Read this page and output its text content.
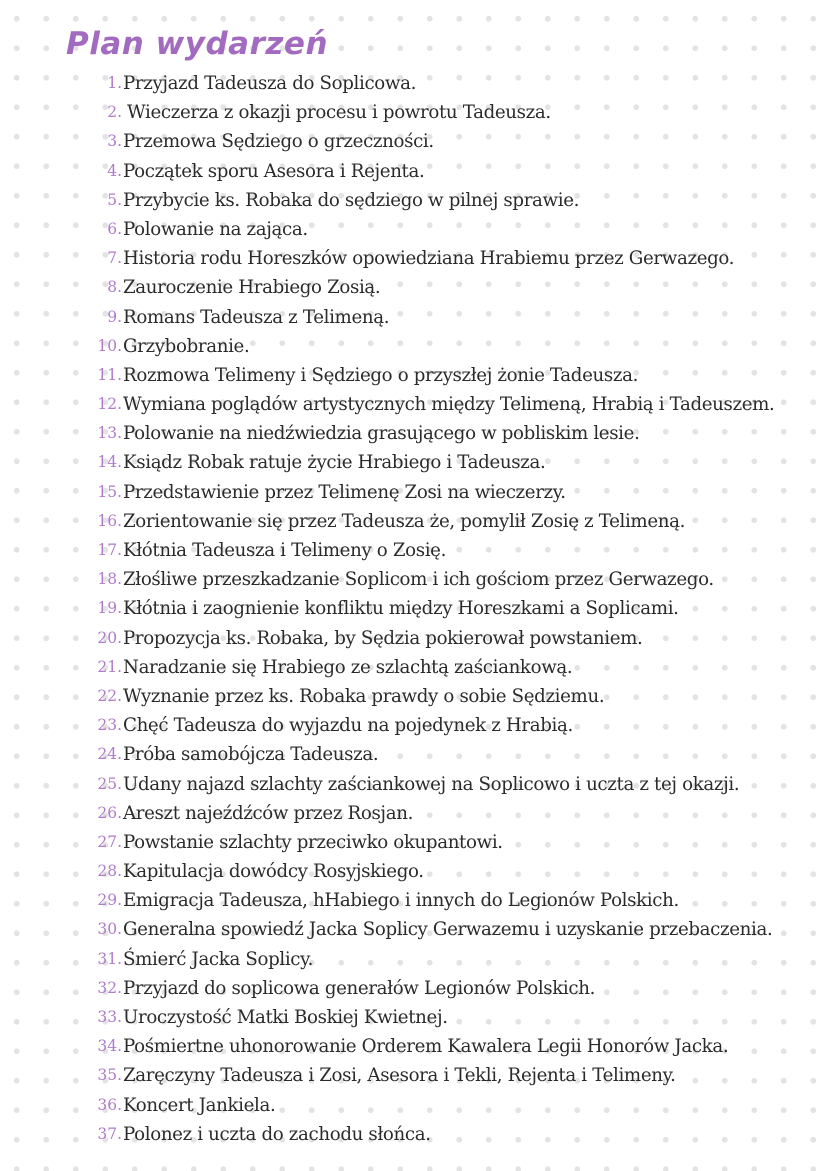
Plan wydarzeń
1. Przyjazd Tadeusza do Soplicowa.
2. Wieczerza z okazji procesu i powrotu Tadeusza.
3. Przemowa Sędziego o grzeczności.
4. Początek sporu Asesora i Rejenta.
5. Przybycie ks. Robaka do sędziego w pilnej sprawie.
6. Polowanie na zająca.
7. Historia rodu Horeszków opowiedziana Hrabiemu przez Gerwazego.
8. Zauroczenie Hrabiego Zosią.
9. Romans Tadeusza z Telimeną.
10. Grzybobranie.
11. Rozmowa Telimeny i Sędziego o przyszłej żonie Tadeusza.
12. Wymiana poglądów artystycznych między Telimeną, Hrabią i Tadeuszem.
13. Polowanie na niedźwiedzia grasującego w pobliskim lesie.
14. Ksiądz Robak ratuje życie Hrabiego i Tadeusza.
15. Przedstawienie przez Telimenę Zosi na wieczerzy.
16. Zorientowanie się przez Tadeusza że, pomylił Zosię z Telimeną.
17. Kłótnia Tadeusza i Telimeny o Zosię.
18. Złośliwe przeszkadzanie Soplicom i ich gościom przez Gerwazego.
19. Kłótnia i zaognienie konfliktu między Horeszkami a Soplicami.
20. Propozycja ks. Robaka, by Sędzia pokierował powstaniem.
21. Naradzanie się Hrabiego ze szlachtą zaściankową.
22. Wyznanie przez ks. Robaka prawdy o sobie Sędziemu.
23. Chęć Tadeusza do wyjazdu na pojedynek z Hrabią.
24. Próba samobójcza Tadeusza.
25. Udany najazd szlachty zaściankowej na Soplicowo i uczta z tej okazji.
26. Areszt najeźdźców przez Rosjan.
27. Powstanie szlachty przeciwko okupantowi.
28. Kapitulacja dowódcy Rosyjskiego.
29. Emigracja Tadeusza, hHabiego i innych do Legionów Polskich.
30. Generalna spowiedź Jacka Soplicy Gerwazemu i uzyskanie przebaczenia.
31. Śmierć Jacka Soplicy.
32. Przyjazd do soplicowa generałów Legionów Polskich.
33. Uroczystość Matki Boskiej Kwietnej.
34. Pośmiertne uhonorowanie Orderem Kawalera Legii Honorów Jacka.
35. Zaręczyny Tadeusza i Zosi, Asesora i Tekli, Rejenta i Telimeny.
36. Koncert Jankiela.
37. Polonez i uczta do zachodu słońca.
